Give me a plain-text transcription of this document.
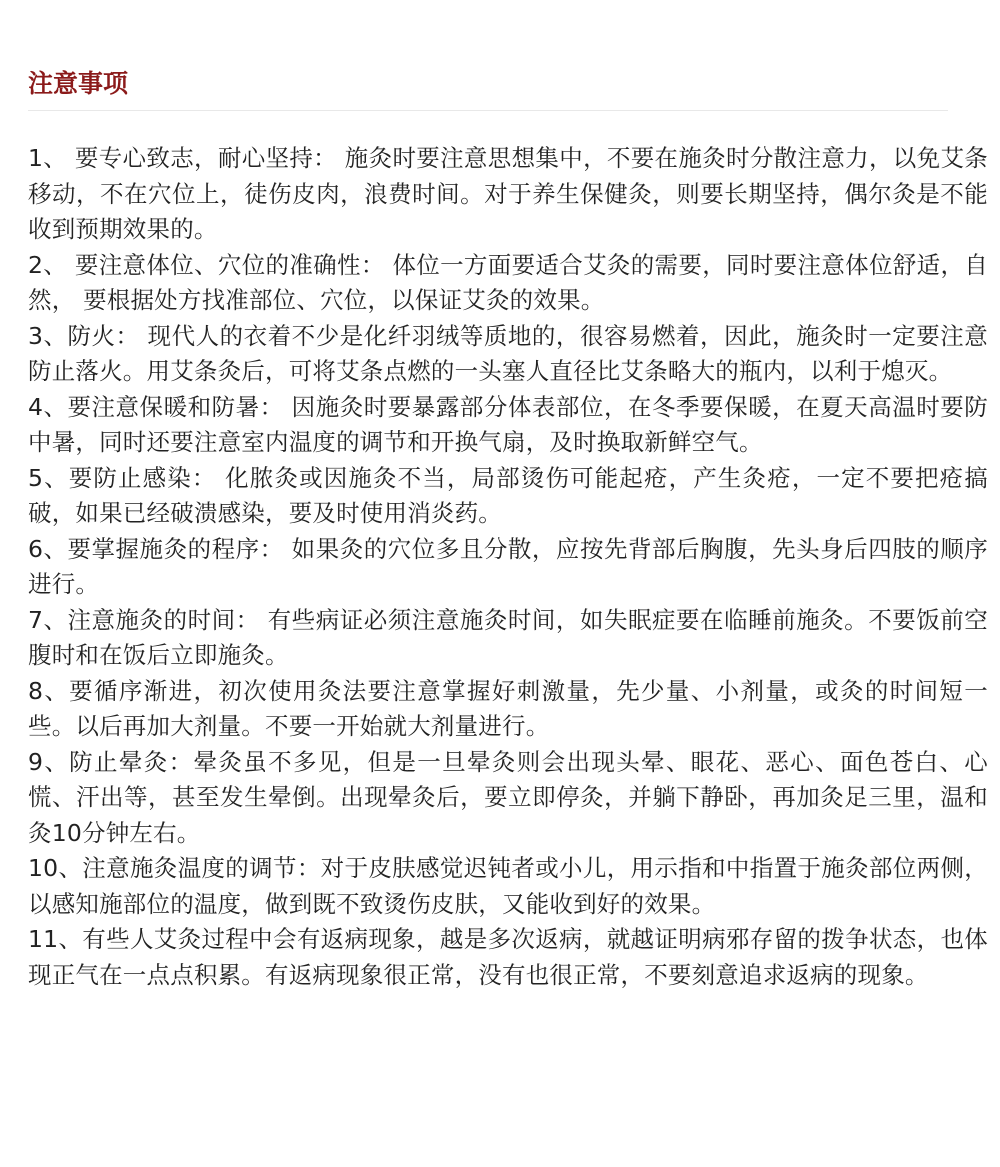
注意事项

1、 要专心致志，耐心坚持： 施灸时要注意思想集中，不要在施灸时分散注意力，以免艾条移动，不在穴位上，徒伤皮肉，浪费时间。对于养生保健灸，则要长期坚持，偶尔灸是不能收到预期效果的。

2、 要注意体位、穴位的准确性： 体位一方面要适合艾灸的需要，同时要注意体位舒适，自然， 要根据处方找准部位、穴位，以保证艾灸的效果。

3、防火： 现代人的衣着不少是化纤羽绒等质地的，很容易燃着，因此，施灸时一定要注意防止落火。用艾条灸后，可将艾条点燃的一头塞人直径比艾条略大的瓶内，以利于熄灭。

4、要注意保暖和防暑： 因施灸时要暴露部分体表部位，在冬季要保暖，在夏天高温时要防中暑，同时还要注意室内温度的调节和开换气扇，及时换取新鲜空气。

5、要防止感染： 化脓灸或因施灸不当，局部烫伤可能起疮，产生灸疮，一定不要把疮搞破，如果已经破溃感染，要及时使用消炎药。

6、要掌握施灸的程序： 如果灸的穴位多且分散，应按先背部后胸腹，先头身后四肢的顺序进行。

7、注意施灸的时间： 有些病证必须注意施灸时间，如失眠症要在临睡前施灸。不要饭前空腹时和在饭后立即施灸。

8、要循序渐进，初次使用灸法要注意掌握好刺激量，先少量、小剂量，或灸的时间短一些。以后再加大剂量。不要一开始就大剂量进行。

9、防止晕灸：晕灸虽不多见，但是一旦晕灸则会出现头晕、眼花、恶心、面色苍白、心慌、汗出等，甚至发生晕倒。出现晕灸后，要立即停灸，并躺下静卧，再加灸足三里，温和灸10分钟左右。

10、注意施灸温度的调节：对于皮肤感觉迟钝者或小儿，用示指和中指置于施灸部位两侧，以感知施部位的温度，做到既不致烫伤皮肤，又能收到好的效果。

11、有些人艾灸过程中会有返病现象，越是多次返病，就越证明病邪存留的拨争状态，也体现正气在一点点积累。有返病现象很正常，没有也很正常，不要刻意追求返病的现象。
